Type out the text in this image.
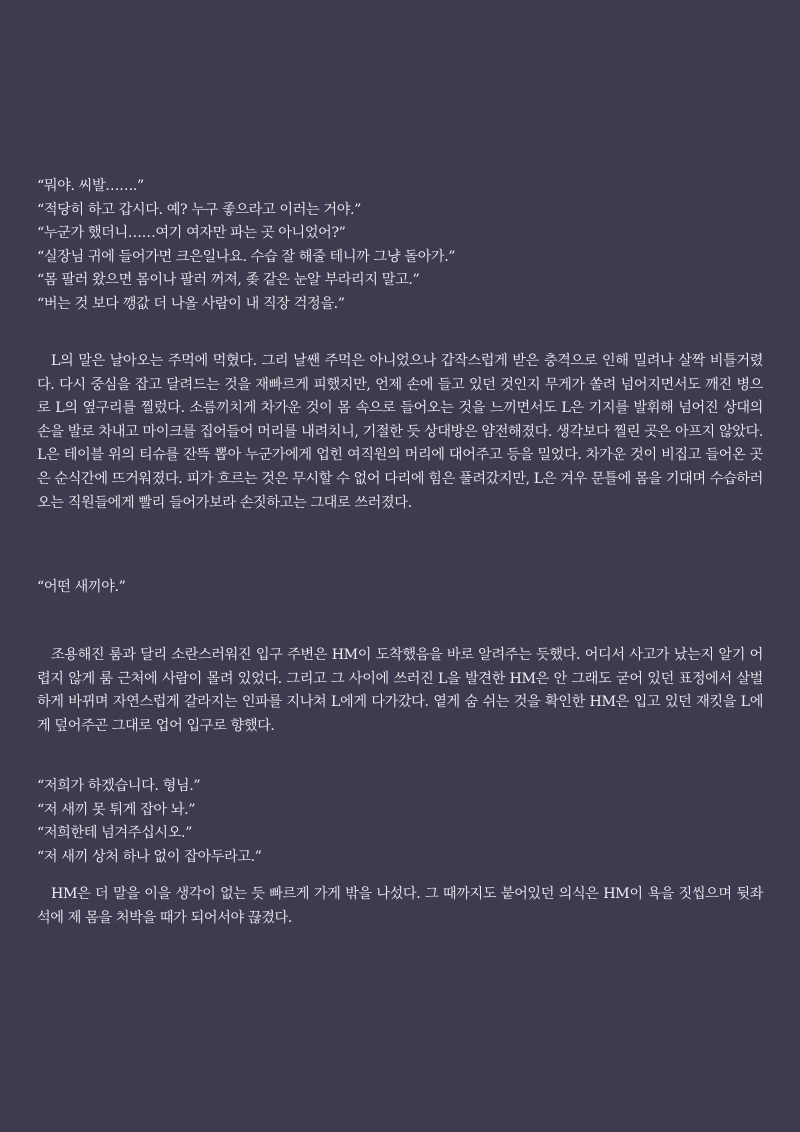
“뭐야. 씨발…….”
“적당히 하고 갑시다. 예? 누구 좋으라고 이러는 거야.”
“누군가 했더니……여기 여자만 파는 곳 아니었어?”
“실장님 귀에 들어가면 크은일나요. 수습 잘 해줄 테니까 그냥 돌아가.”
“몸 팔러 왔으면 몸이나 팔러 꺼져, 좆 같은 눈알 부라리지 말고.”
“버는 것 보다 깽값 더 나올 사람이 내 직장 걱정을.”

L의 말은 날아오는 주먹에 먹혔다. 그리 날쌘 주먹은 아니었으나 갑작스럽게 받은 충격으로 인해 밀려나 살짝 비틀거렸다. 다시 중심을 잡고 달려드는 것을 재빠르게 피했지만, 언제 손에 들고 있던 것인지 무게가 쏠려 넘어지면서도 깨진 병으로 L의 옆구리를 찔렀다. 소름끼치게 차가운 것이 몸 속으로 들어오는 것을 느끼면서도 L은 기지를 발휘해 넘어진 상대의 손을 발로 차내고 마이크를 집어들어 머리를 내려치니, 기절한 듯 상대방은 얌전해졌다. 생각보다 찔린 곳은 아프지 않았다. L은 테이블 위의 티슈를 잔뜩 뽑아 누군가에게 업힌 여직원의 머리에 대어주고 등을 밀었다. 차가운 것이 비집고 들어온 곳은 순식간에 뜨거워졌다. 피가 흐르는 것은 무시할 수 없어 다리에 힘은 풀려갔지만, L은 겨우 문틀에 몸을 기대며 수습하러 오는 직원들에게 빨리 들어가보라 손짓하고는 그대로 쓰러졌다.

“어떤 새끼야.”

조용해진 룸과 달리 소란스러워진 입구 주변은 HM이 도착했음을 바로 알려주는 듯했다. 어디서 사고가 났는지 알기 어렵지 않게 룸 근처에 사람이 몰려 있었다. 그리고 그 사이에 쓰러진 L을 발견한 HM은 안 그래도 굳어 있던 표정에서 살벌하게 바뀌며 자연스럽게 갈라지는 인파를 지나쳐 L에게 다가갔다. 옅게 숨 쉬는 것을 확인한 HM은 입고 있던 재킷을 L에게 덮어주곤 그대로 업어 입구로 향했다.

“저희가 하겠습니다. 형님.”
“저 새끼 못 튀게 잡아 놔.”
“저희한테 넘겨주십시오.”
“저 새끼 상처 하나 없이 잡아두라고.”

HM은 더 말을 이을 생각이 없는 듯 빠르게 가게 밖을 나섰다. 그 때까지도 붙어있던 의식은 HM이 욕을 짓씹으며 뒷좌석에 제 몸을 처박을 때가 되어서야 끊겼다.
